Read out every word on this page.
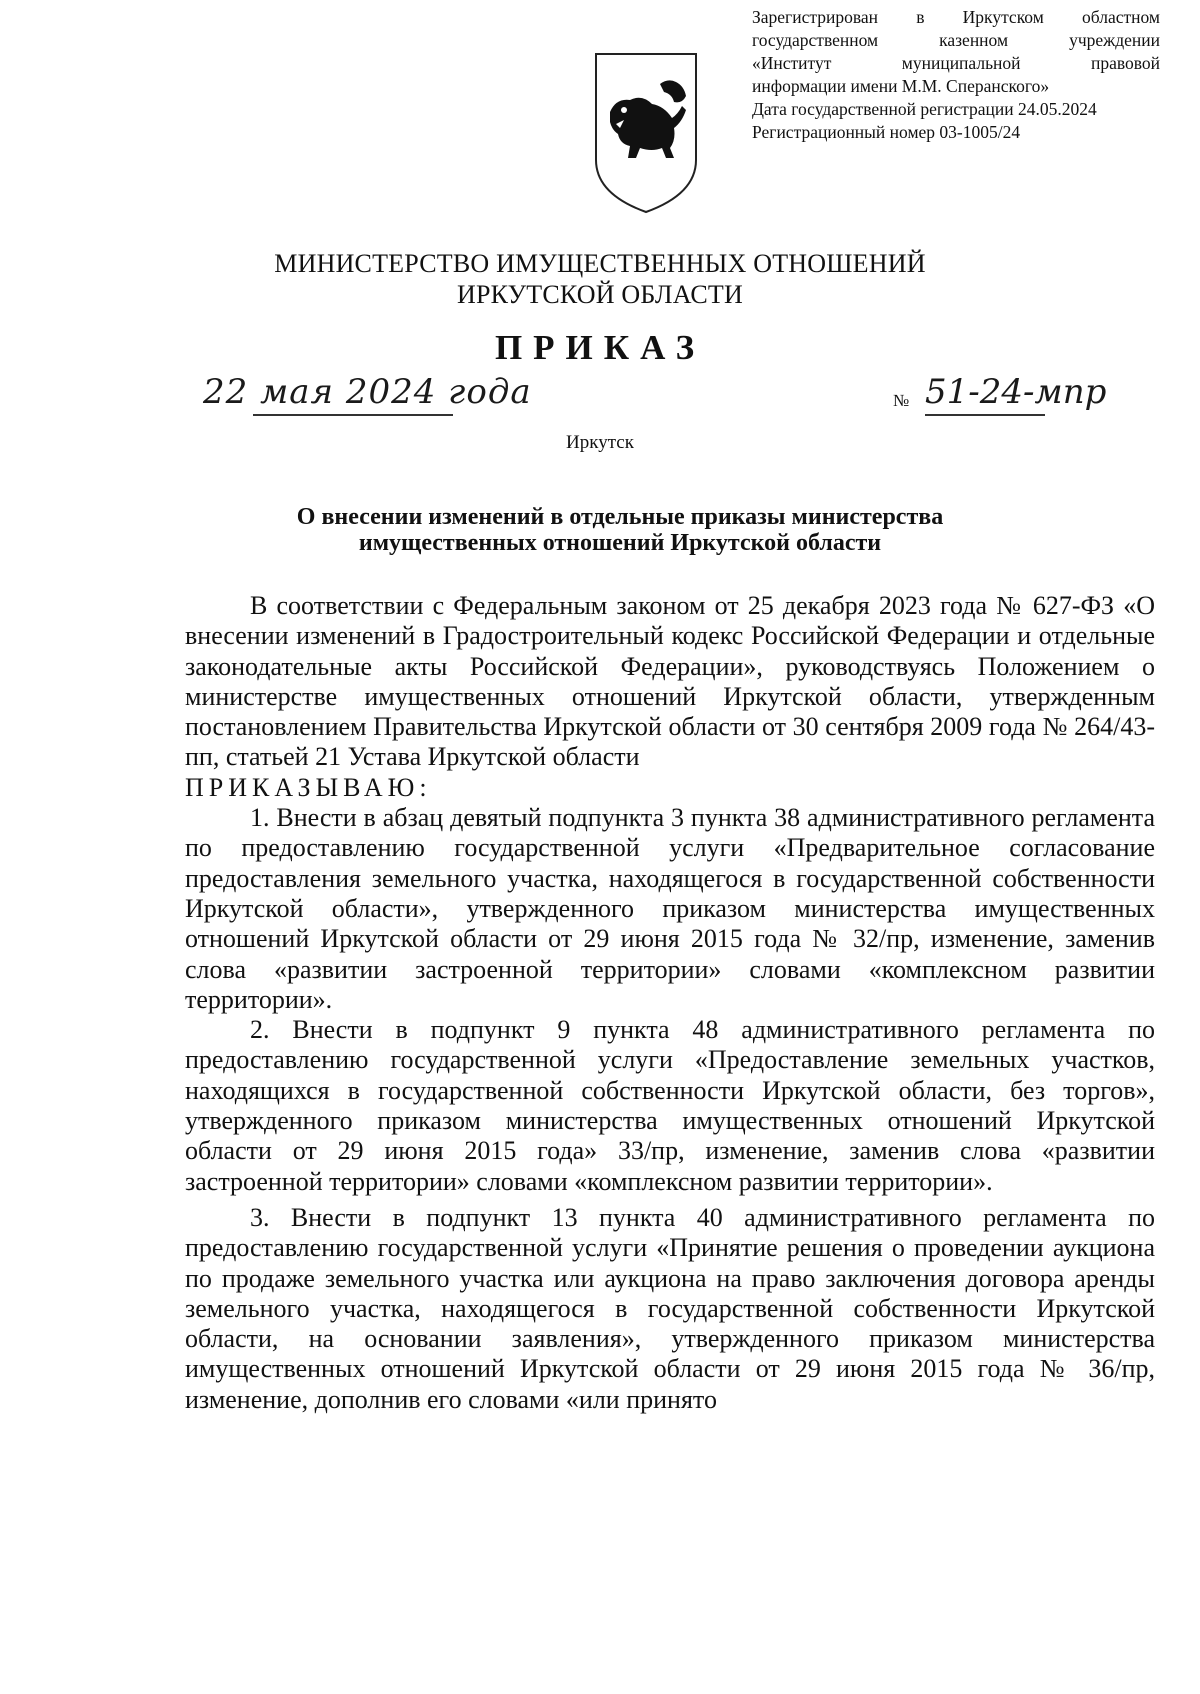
Зарегистрирован в Иркутском областном
государственном казенном учреждении
«Институт муниципальной правовой
информации имени М.М. Сперанского»
Дата государственной регистрации 24.05.2024
Регистрационный номер 03-1005/24
МИНИСТЕРСТВО ИМУЩЕСТВЕННЫХ ОТНОШЕНИЙ
ИРКУТСКОЙ ОБЛАСТИ
ПРИКАЗ
22 мая 2024 года	№ 51-24-мпр
Иркутск
О внесении изменений в отдельные приказы министерства
имущественных отношений Иркутской области

В соответствии с Федеральным законом от 25 декабря 2023 года № 627-ФЗ «О внесении изменений в Градостроительный кодекс Российской Федерации и отдельные законодательные акты Российской Федерации», руководствуясь Положением о министерстве имущественных отношений Иркутской области, утвержденным постановлением Правительства Иркутской области от 30 сентября 2009 года № 264/43-пп, статьей 21 Устава Иркутской области

ПРИКАЗЫВАЮ:

1. Внести в абзац девятый подпункта 3 пункта 38 административного регламента по предоставлению государственной услуги «Предварительное согласование предоставления земельного участка, находящегося в государственной собственности Иркутской области», утвержденного приказом министерства имущественных отношений Иркутской области от 29 июня 2015 года № 32/пр, изменение, заменив слова «развитии застроенной территории» словами «комплексном развитии территории».

2. Внести в подпункт 9 пункта 48 административного регламента по предоставлению государственной услуги «Предоставление земельных участков, находящихся в государственной собственности Иркутской области, без торгов», утвержденного приказом министерства имущественных отношений Иркутской области от 29 июня 2015 года» 33/пр, изменение, заменив слова «развитии застроенной территории» словами «комплексном развитии территории».

3. Внести в подпункт 13 пункта 40 административного регламента по предоставлению государственной услуги «Принятие решения о проведении аукциона по продаже земельного участка или аукциона на право заключения договора аренды земельного участка, находящегося в государственной собственности Иркутской области, на основании заявления», утвержденного приказом министерства имущественных отношений Иркутской области от 29 июня 2015 года № 36/пр, изменение, дополнив его словами «или принято
